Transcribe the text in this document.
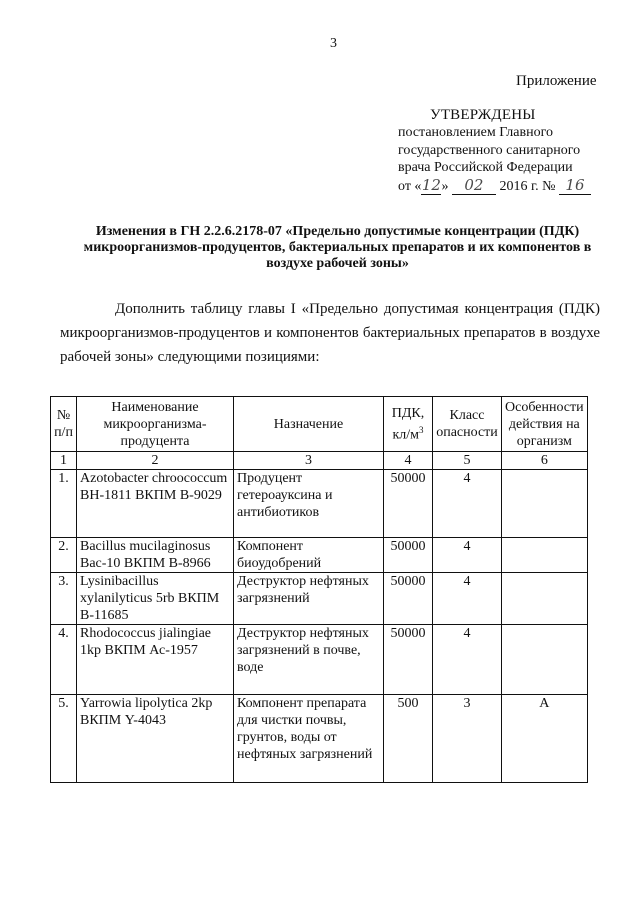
3
Приложение
УТВЕРЖДЕНЫ
постановлением Главного
государственного санитарного
врача Российской Федерации
от «12» 02 2016 г. № 16
Изменения в ГН 2.2.6.2178-07 «Предельно допустимые концентрации (ПДК) микроорганизмов-продуцентов, бактериальных препаратов и их компонентов в воздухе рабочей зоны»
Дополнить таблицу главы I «Предельно допустимая концентрация (ПДК) микроорганизмов-продуцентов и компонентов бактериальных препаратов в воздухе рабочей зоны» следующими позициями:
№ п/п	Наименование микроорганизма-продуцента	Назначение	ПДК, $кл/м^3$	Класс опасности	Особенности действия на организм
1	2	3	4	5	6
1.	Azotobacter chroococcum ВН-1811 ВКПМ В-9029	Продуцент гетероауксина и антибиотиков	50000	4	
2.	Bacillus mucilaginosus Вас-10 ВКПМ В-8966	Компонент биоудобрений	50000	4	
3.	Lysinibacillus xylanilyticus 5rb ВКПМ В-11685	Деструктор нефтяных загрязнений	50000	4	
4.	Rhodococcus jialingiae 1kp ВКПМ Ас-1957	Деструктор нефтяных загрязнений в почве, воде	50000	4	
5.	Yarrowia lipolytica 2kp ВКПМ Y-4043	Компонент препарата для чистки почвы, грунтов, воды от нефтяных загрязнений	500	3	А
